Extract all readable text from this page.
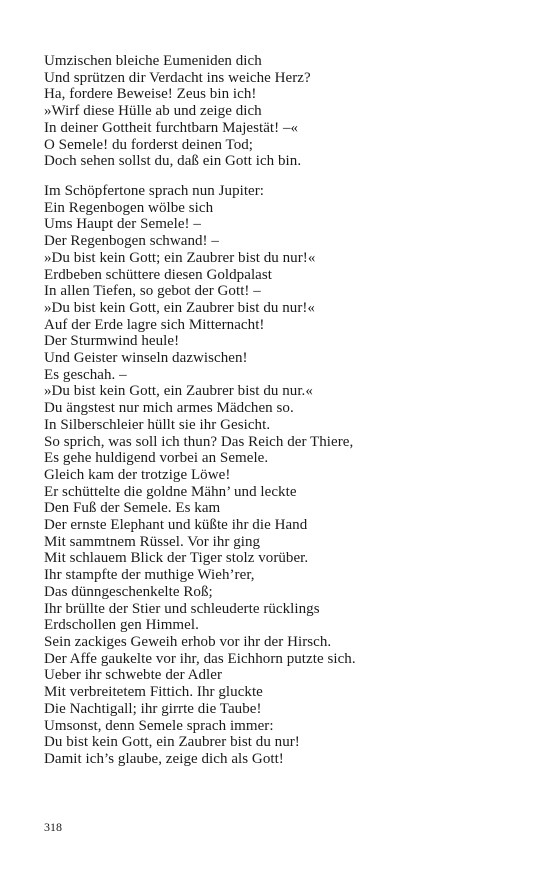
Umzischen bleiche Eumeniden dich
Und sprützen dir Verdacht ins weiche Herz?
Ha, fordere Beweise! Zeus bin ich!
»Wirf diese Hülle ab und zeige dich
In deiner Gottheit furchtbarn Majestät! –«
O Semele! du forderst deinen Tod;
Doch sehen sollst du, daß ein Gott ich bin.
Im Schöpfertone sprach nun Jupiter:
Ein Regenbogen wölbe sich
Ums Haupt der Semele! –
Der Regenbogen schwand! –
»Du bist kein Gott; ein Zaubrer bist du nur!«
Erdbeben schüttere diesen Goldpalast
In allen Tiefen, so gebot der Gott! –
»Du bist kein Gott, ein Zaubrer bist du nur!«
Auf der Erde lagre sich Mitternacht!
Der Sturmwind heule!
Und Geister winseln dazwischen!
Es geschah. –
»Du bist kein Gott, ein Zaubrer bist du nur.«
Du ängstest nur mich armes Mädchen so.
In Silberschleier hüllt sie ihr Gesicht.
So sprich, was soll ich thun? Das Reich der Thiere,
Es gehe huldigend vorbei an Semele.
Gleich kam der trotzige Löwe!
Er schüttelte die goldne Mähn’ und leckte
Den Fuß der Semele. Es kam
Der ernste Elephant und küßte ihr die Hand
Mit sammtnem Rüssel. Vor ihr ging
Mit schlauem Blick der Tiger stolz vorüber.
Ihr stampfte der muthige Wieh’rer,
Das dünngeschenkelte Roß;
Ihr brüllte der Stier und schleuderte rücklings
Erdschollen gen Himmel.
Sein zackiges Geweih erhob vor ihr der Hirsch.
Der Affe gaukelte vor ihr, das Eichhorn putzte sich.
Ueber ihr schwebte der Adler
Mit verbreitetem Fittich. Ihr gluckte
Die Nachtigall; ihr girrte die Taube!
Umsonst, denn Semele sprach immer:
Du bist kein Gott, ein Zaubrer bist du nur!
Damit ich’s glaube, zeige dich als Gott!
318
